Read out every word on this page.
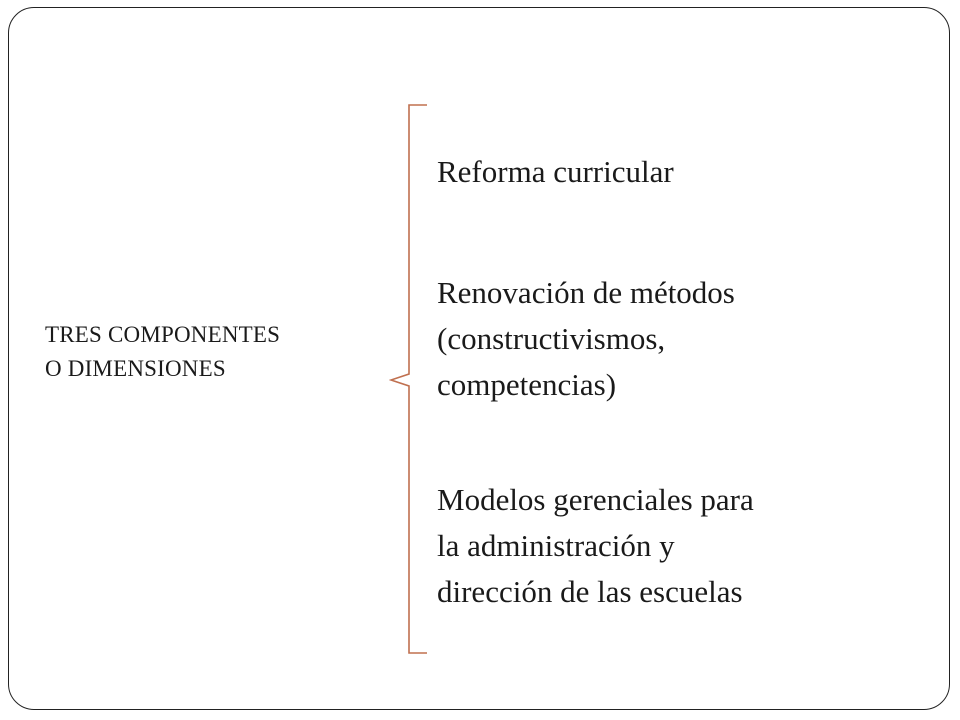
TRES COMPONENTES
O DIMENSIONES
Reforma curricular
Renovación de métodos
(constructivismos,
competencias)
Modelos gerenciales para
la administración y
dirección de las escuelas
